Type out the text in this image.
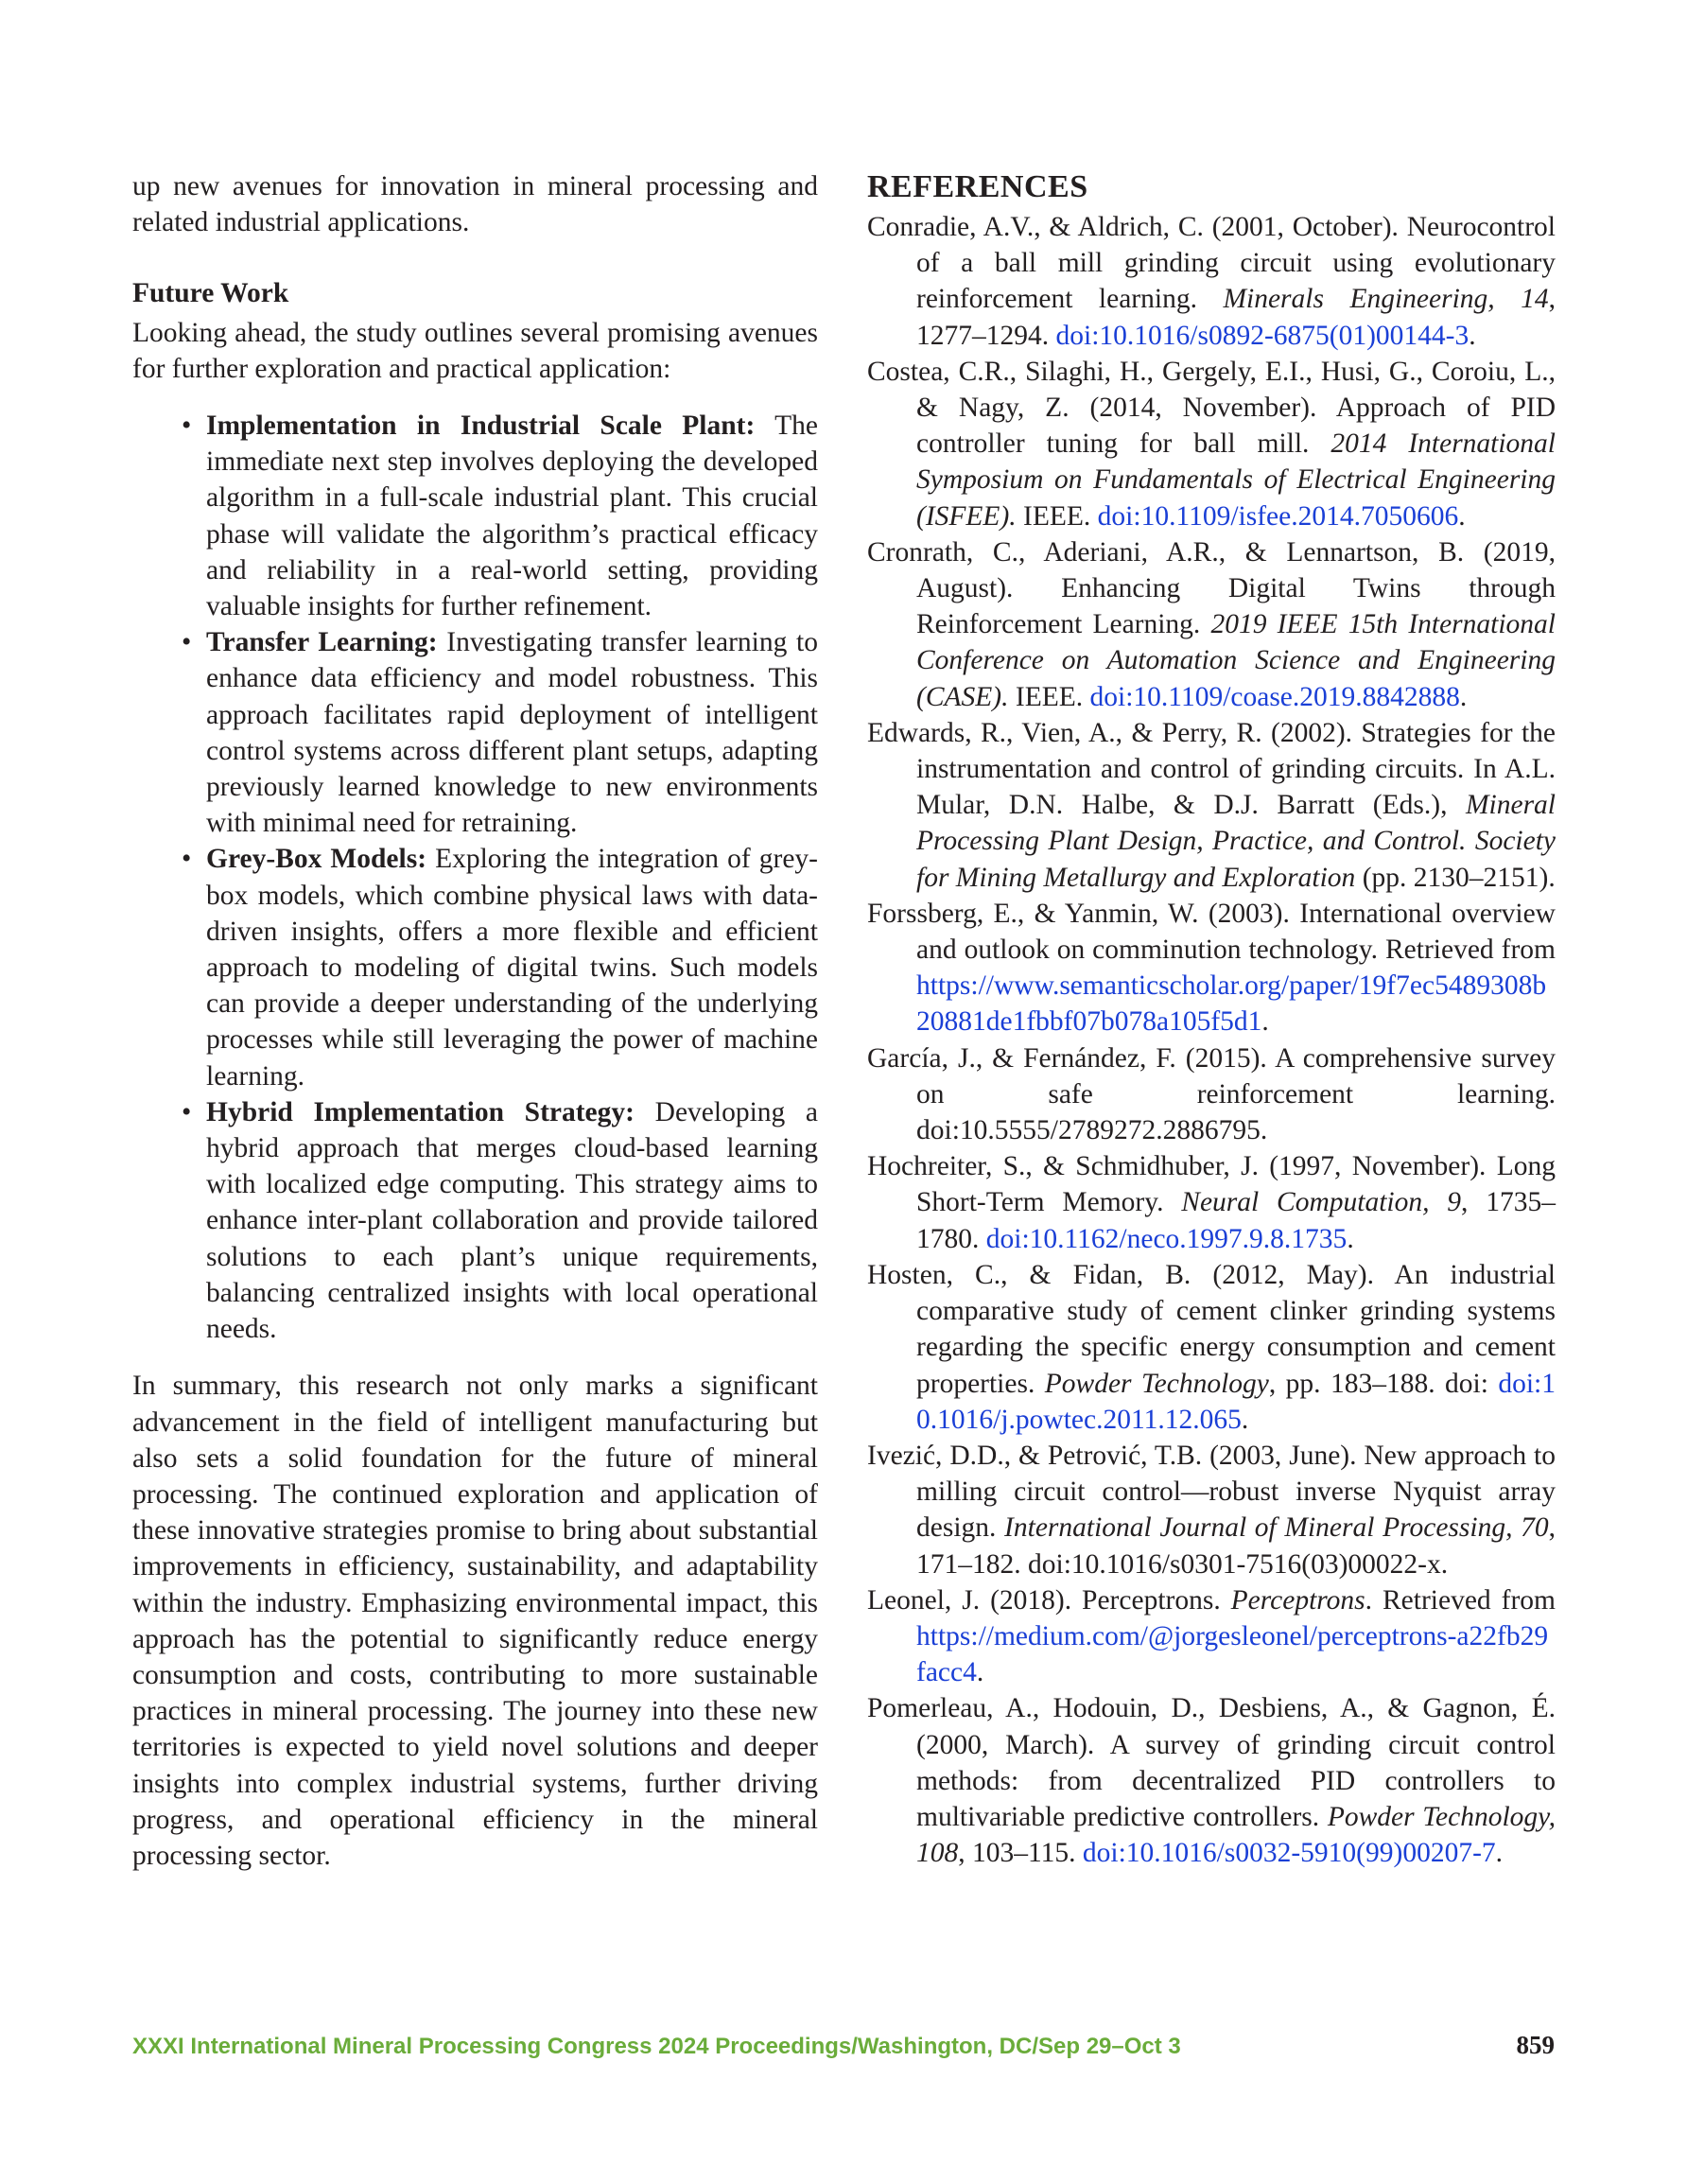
up new avenues for innovation in mineral processing and related industrial applications.

Future Work

Looking ahead, the study outlines several promising avenues for further exploration and practical application:

• Implementation in Industrial Scale Plant: The immediate next step involves deploying the developed algorithm in a full-scale industrial plant. This crucial phase will validate the algorithm’s practical efficacy and reliability in a real-world setting, providing valuable insights for further refinement.
• Transfer Learning: Investigating transfer learning to enhance data efficiency and model robustness. This approach facilitates rapid deployment of intelligent control systems across different plant setups, adapting previously learned knowledge to new environments with minimal need for retraining.
• Grey-Box Models: Exploring the integration of grey-box models, which combine physical laws with data-driven insights, offers a more flexible and efficient approach to modeling of digital twins. Such models can provide a deeper understanding of the underlying processes while still leveraging the power of machine learning.
• Hybrid Implementation Strategy: Developing a hybrid approach that merges cloud-based learning with localized edge computing. This strategy aims to enhance inter-plant collaboration and provide tailored solutions to each plant’s unique requirements, balancing centralized insights with local operational needs.

In summary, this research not only marks a significant advancement in the field of intelligent manufacturing but also sets a solid foundation for the future of mineral processing. The continued exploration and application of these innovative strategies promise to bring about substantial improvements in efficiency, sustainability, and adaptability within the industry. Emphasizing environmental impact, this approach has the potential to significantly reduce energy consumption and costs, contributing to more sustainable practices in mineral processing. The journey into these new territories is expected to yield novel solutions and deeper insights into complex industrial systems, further driving progress, and operational efficiency in the mineral processing sector.

REFERENCES

Conradie, A.V., & Aldrich, C. (2001, October). Neurocontrol of a ball mill grinding circuit using evolutionary reinforcement learning. Minerals Engineering, 14, 1277–1294. doi:10.1016/s0892-6875(01)00144-3.

Costea, C.R., Silaghi, H., Gergely, E.I., Husi, G., Coroiu, L., & Nagy, Z. (2014, November). Approach of PID controller tuning for ball mill. 2014 International Symposium on Fundamentals of Electrical Engineering (ISFEE). IEEE. doi:10.1109/isfee.2014.7050606.

Cronrath, C., Aderiani, A.R., & Lennartson, B. (2019, August). Enhancing Digital Twins through Reinforcement Learning. 2019 IEEE 15th International Conference on Automation Science and Engineering (CASE). IEEE. doi:10.1109/coase.2019.8842888.

Edwards, R., Vien, A., & Perry, R. (2002). Strategies for the instrumentation and control of grinding circuits. In A.L. Mular, D.N. Halbe, & D.J. Barratt (Eds.), Mineral Processing Plant Design, Practice, and Control. Society for Mining Metallurgy and Exploration (pp. 2130–2151).

Forssberg, E., & Yanmin, W. (2003). International overview and outlook on comminution technology. Retrieved from https://www.semanticscholar.org/paper/19f7ec5489308b20881de1fbbf07b078a105f5d1.

García, J., & Fernández, F. (2015). A comprehensive survey on safe reinforcement learning. doi:10.5555/2789272.2886795.

Hochreiter, S., & Schmidhuber, J. (1997, November). Long Short-Term Memory. Neural Computation, 9, 1735–1780. doi:10.1162/neco.1997.9.8.1735.

Hosten, C., & Fidan, B. (2012, May). An industrial comparative study of cement clinker grinding systems regarding the specific energy consumption and cement properties. Powder Technology, pp. 183–188. doi: doi:10.1016/j.powtec.2011.12.065.

Ivezić, D.D., & Petrović, T.B. (2003, June). New approach to milling circuit control—robust inverse Nyquist array design. International Journal of Mineral Processing, 70, 171–182. doi:10.1016/s0301-7516(03)00022-x.

Leonel, J. (2018). Perceptrons. Perceptrons. Retrieved from https://medium.com/@jorgesleonel/perceptrons-a22fb29facc4.

Pomerleau, A., Hodouin, D., Desbiens, A., & Gagnon, É. (2000, March). A survey of grinding circuit control methods: from decentralized PID controllers to multivariable predictive controllers. Powder Technology, 108, 103–115. doi:10.1016/s0032-5910(99)00207-7.

XXXI International Mineral Processing Congress 2024 Proceedings/Washington, DC/Sep 29–Oct 3	859
